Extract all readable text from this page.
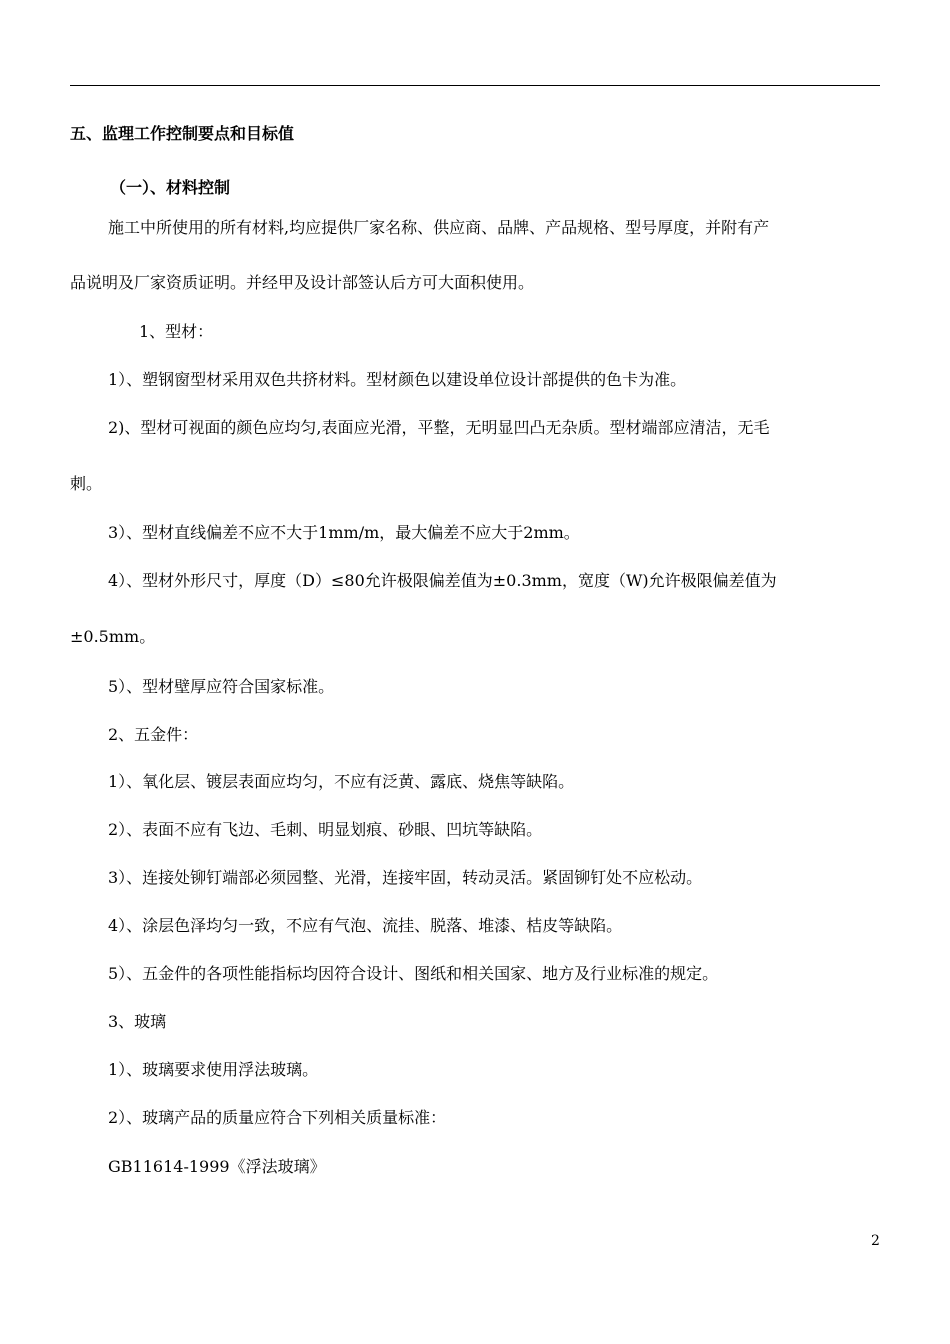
五、监理工作控制要点和目标值
（一）、材料控制
施工中所使用的所有材料,均应提供厂家名称、供应商、品牌、产品规格、型号厚度，并附有产
品说明及厂家资质证明。并经甲及设计部签认后方可大面积使用。
1、型材：
1）、塑钢窗型材采用双色共挤材料。型材颜色以建设单位设计部提供的色卡为准。
2)、型材可视面的颜色应均匀,表面应光滑，平整，无明显凹凸无杂质。型材端部应清洁，无毛
刺。
3）、型材直线偏差不应不大于1mm/m，最大偏差不应大于2mm。
4）、型材外形尺寸，厚度（D）≤80允许极限偏差值为±0.3mm，宽度（W)允许极限偏差值为
±0.5mm。
5）、型材壁厚应符合国家标准。
2、五金件：
1）、氧化层、镀层表面应均匀，不应有泛黄、露底、烧焦等缺陷。
2）、表面不应有飞边、毛刺、明显划痕、砂眼、凹坑等缺陷。
3）、连接处铆钉端部必须园整、光滑，连接牢固，转动灵活。紧固铆钉处不应松动。
4）、涂层色泽均匀一致，不应有气泡、流挂、脱落、堆漆、桔皮等缺陷。
5）、五金件的各项性能指标均因符合设计、图纸和相关国家、地方及行业标准的规定。
3、玻璃
1）、玻璃要求使用浮法玻璃。
2）、玻璃产品的质量应符合下列相关质量标准：
GB11614-1999《浮法玻璃》
2
